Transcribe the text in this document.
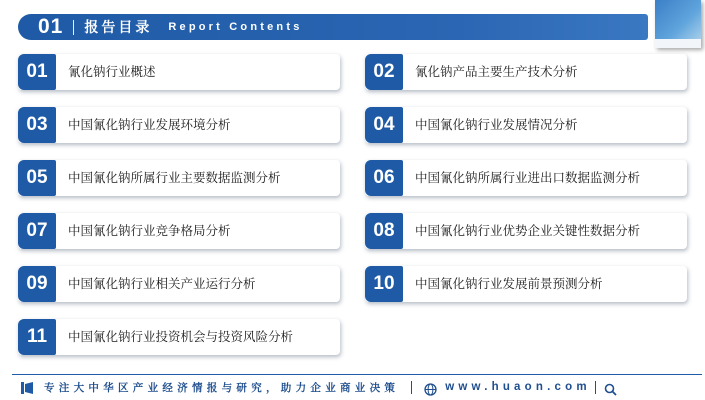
01 报告目录 Report Contents
01	氰化钠行业概述	02	氰化钠产品主要生产技术分析
03	中国氰化钠行业发展环境分析	04	中国氰化钠行业发展情况分析
05	中国氰化钠所属行业主要数据监测分析	06	中国氰化钠所属行业进出口数据监测分析
07	中国氰化钠行业竞争格局分析	08	中国氰化钠行业优势企业关键性数据分析
09	中国氰化钠行业相关产业运行分析	10	中国氰化钠行业发展前景预测分析
11	中国氰化钠行业投资机会与投资风险分析
专注大中华区产业经济情报与研究，助力企业商业决策	www.huaon.com
